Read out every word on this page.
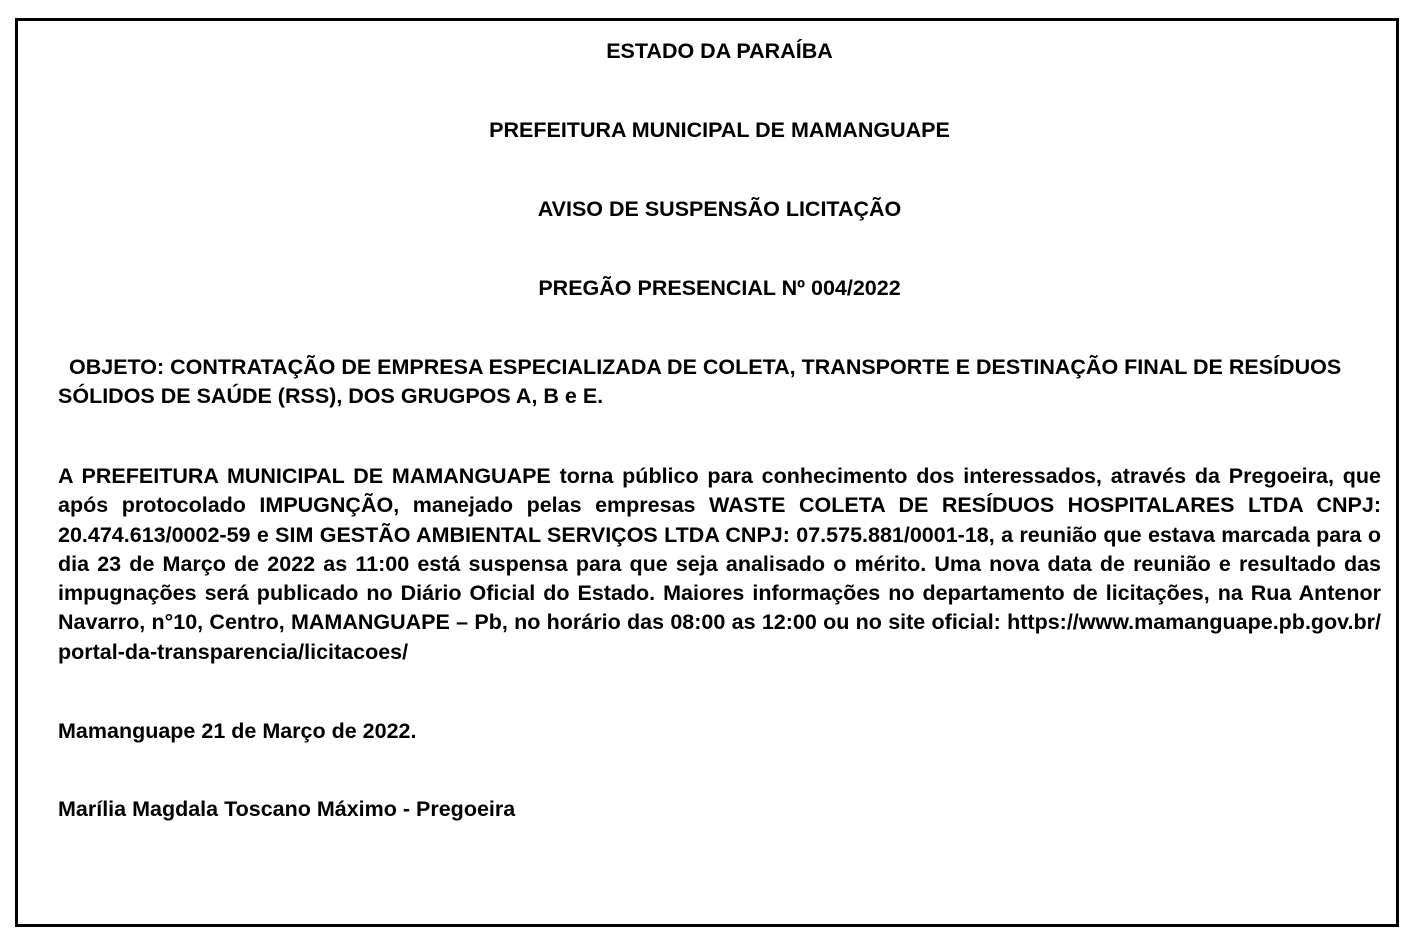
ESTADO DA PARAÍBA

PREFEITURA MUNICIPAL DE MAMANGUAPE

AVISO DE SUSPENSÃO LICITAÇÃO

PREGÃO PRESENCIAL Nº 004/2022

OBJETO: CONTRATAÇÃO DE EMPRESA ESPECIALIZADA DE COLETA, TRANSPORTE E DESTINAÇÃO FINAL DE RESÍDUOS SÓLIDOS DE SAÚDE (RSS), DOS GRUGPOS A, B e E.

A PREFEITURA MUNICIPAL DE MAMANGUAPE torna público para conhecimento dos interessados, através da Pregoeira, que após protocolado IMPUGNÇÃO, manejado pelas empresas WASTE COLETA DE RESÍDUOS HOSPITALARES LTDA CNPJ: 20.474.613/0002-59 e SIM GESTÃO AMBIENTAL SERVIÇOS LTDA CNPJ: 07.575.881/0001-18, a reunião que estava marcada para o dia 23 de Março de 2022 as 11:00 está suspensa para que seja analisado o mérito. Uma nova data de reunião e resultado das impugnações será publicado no Diário Oficial do Estado. Maiores informações no departamento de licitações, na Rua Antenor Navarro, n°10, Centro, MAMANGUAPE – Pb, no horário das 08:00 as 12:00 ou no site oficial: https://www.mamanguape.pb.gov.br/ portal-da-transparencia/licitacoes/

Mamanguape 21 de Março de 2022.

Marília Magdala Toscano Máximo - Pregoeira
